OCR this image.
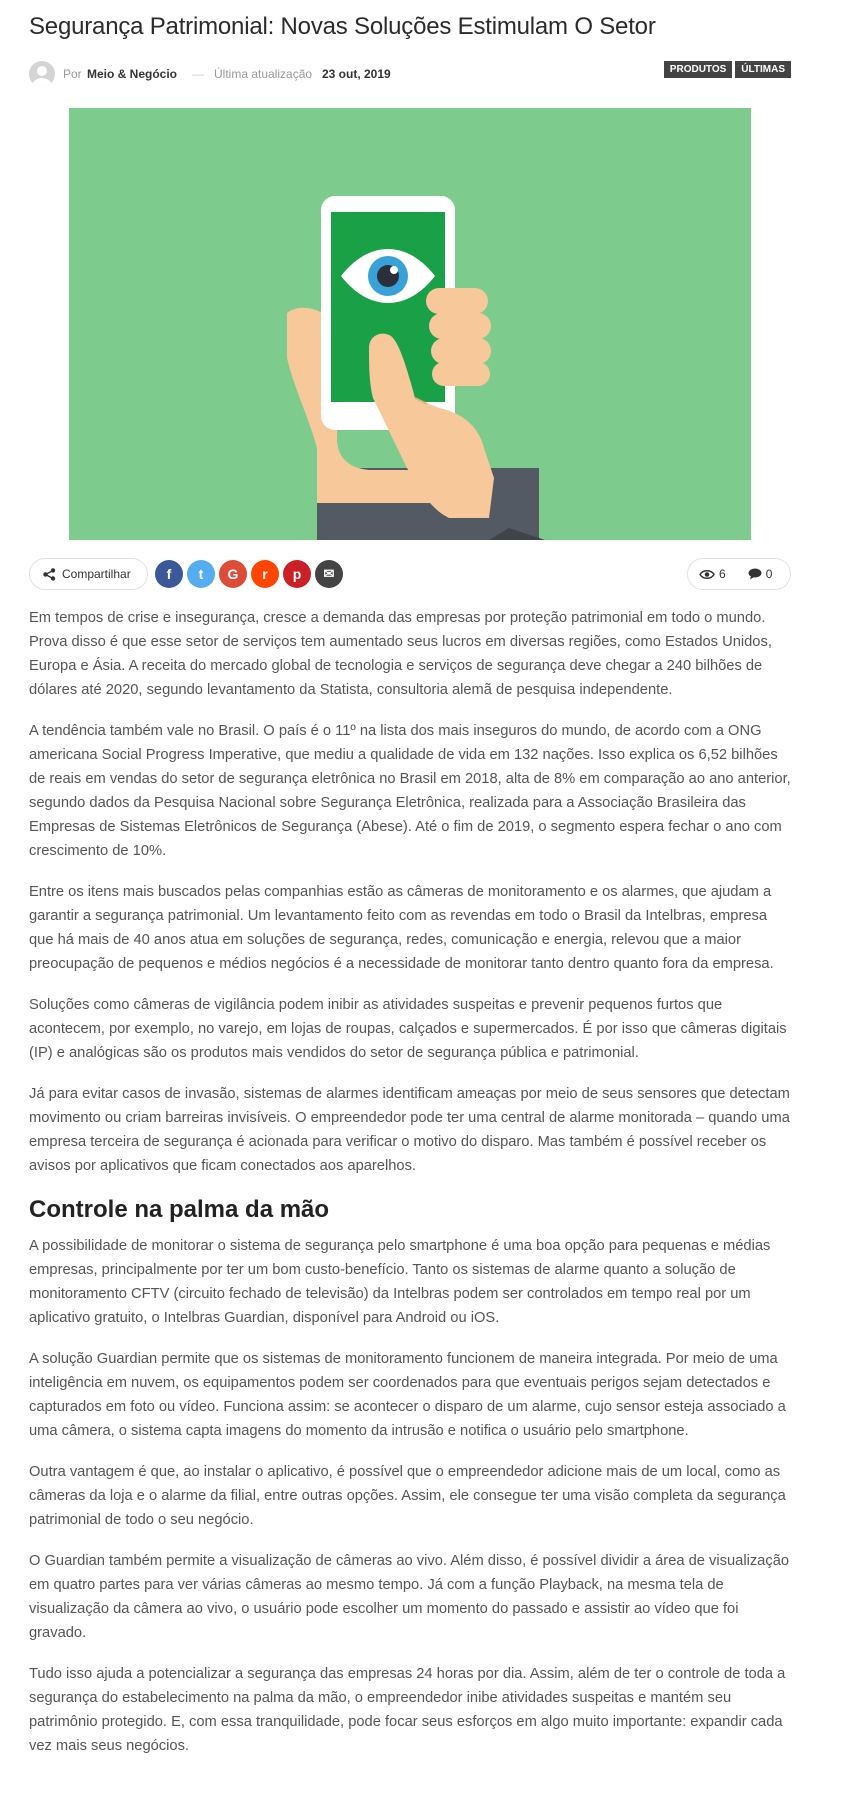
Segurança Patrimonial: Novas Soluções Estimulam O Setor
Por Meio & Negócio — Última atualização 23 out, 2019	PRODUTOS	ÚLTIMAS
Compartilhar	f t G r p ✉	6	0

Em tempos de crise e insegurança, cresce a demanda das empresas por proteção patrimonial em todo o mundo. Prova disso é que esse setor de serviços tem aumentado seus lucros em diversas regiões, como Estados Unidos, Europa e Ásia. A receita do mercado global de tecnologia e serviços de segurança deve chegar a 240 bilhões de dólares até 2020, segundo levantamento da Statista, consultoria alemã de pesquisa independente.

A tendência também vale no Brasil. O país é o 11º na lista dos mais inseguros do mundo, de acordo com a ONG americana Social Progress Imperative, que mediu a qualidade de vida em 132 nações. Isso explica os 6,52 bilhões de reais em vendas do setor de segurança eletrônica no Brasil em 2018, alta de 8% em comparação ao ano anterior, segundo dados da Pesquisa Nacional sobre Segurança Eletrônica, realizada para a Associação Brasileira das Empresas de Sistemas Eletrônicos de Segurança (Abese). Até o fim de 2019, o segmento espera fechar o ano com crescimento de 10%.

Entre os itens mais buscados pelas companhias estão as câmeras de monitoramento e os alarmes, que ajudam a garantir a segurança patrimonial. Um levantamento feito com as revendas em todo o Brasil da Intelbras, empresa que há mais de 40 anos atua em soluções de segurança, redes, comunicação e energia, relevou que a maior preocupação de pequenos e médios negócios é a necessidade de monitorar tanto dentro quanto fora da empresa.

Soluções como câmeras de vigilância podem inibir as atividades suspeitas e prevenir pequenos furtos que acontecem, por exemplo, no varejo, em lojas de roupas, calçados e supermercados. É por isso que câmeras digitais (IP) e analógicas são os produtos mais vendidos do setor de segurança pública e patrimonial.

Já para evitar casos de invasão, sistemas de alarmes identificam ameaças por meio de seus sensores que detectam movimento ou criam barreiras invisíveis. O empreendedor pode ter uma central de alarme monitorada – quando uma empresa terceira de segurança é acionada para verificar o motivo do disparo. Mas também é possível receber os avisos por aplicativos que ficam conectados aos aparelhos.

Controle na palma da mão

A possibilidade de monitorar o sistema de segurança pelo smartphone é uma boa opção para pequenas e médias empresas, principalmente por ter um bom custo-benefício. Tanto os sistemas de alarme quanto a solução de monitoramento CFTV (circuito fechado de televisão) da Intelbras podem ser controlados em tempo real por um aplicativo gratuito, o Intelbras Guardian, disponível para Android ou iOS.

A solução Guardian permite que os sistemas de monitoramento funcionem de maneira integrada. Por meio de uma inteligência em nuvem, os equipamentos podem ser coordenados para que eventuais perigos sejam detectados e capturados em foto ou vídeo. Funciona assim: se acontecer o disparo de um alarme, cujo sensor esteja associado a uma câmera, o sistema capta imagens do momento da intrusão e notifica o usuário pelo smartphone.

Outra vantagem é que, ao instalar o aplicativo, é possível que o empreendedor adicione mais de um local, como as câmeras da loja e o alarme da filial, entre outras opções. Assim, ele consegue ter uma visão completa da segurança patrimonial de todo o seu negócio.

O Guardian também permite a visualização de câmeras ao vivo. Além disso, é possível dividir a área de visualização em quatro partes para ver várias câmeras ao mesmo tempo. Já com a função Playback, na mesma tela de visualização da câmera ao vivo, o usuário pode escolher um momento do passado e assistir ao vídeo que foi gravado.

Tudo isso ajuda a potencializar a segurança das empresas 24 horas por dia. Assim, além de ter o controle de toda a segurança do estabelecimento na palma da mão, o empreendedor inibe atividades suspeitas e mantém seu patrimônio protegido. E, com essa tranquilidade, pode focar seus esforços em algo muito importante: expandir cada vez mais seus negócios.
